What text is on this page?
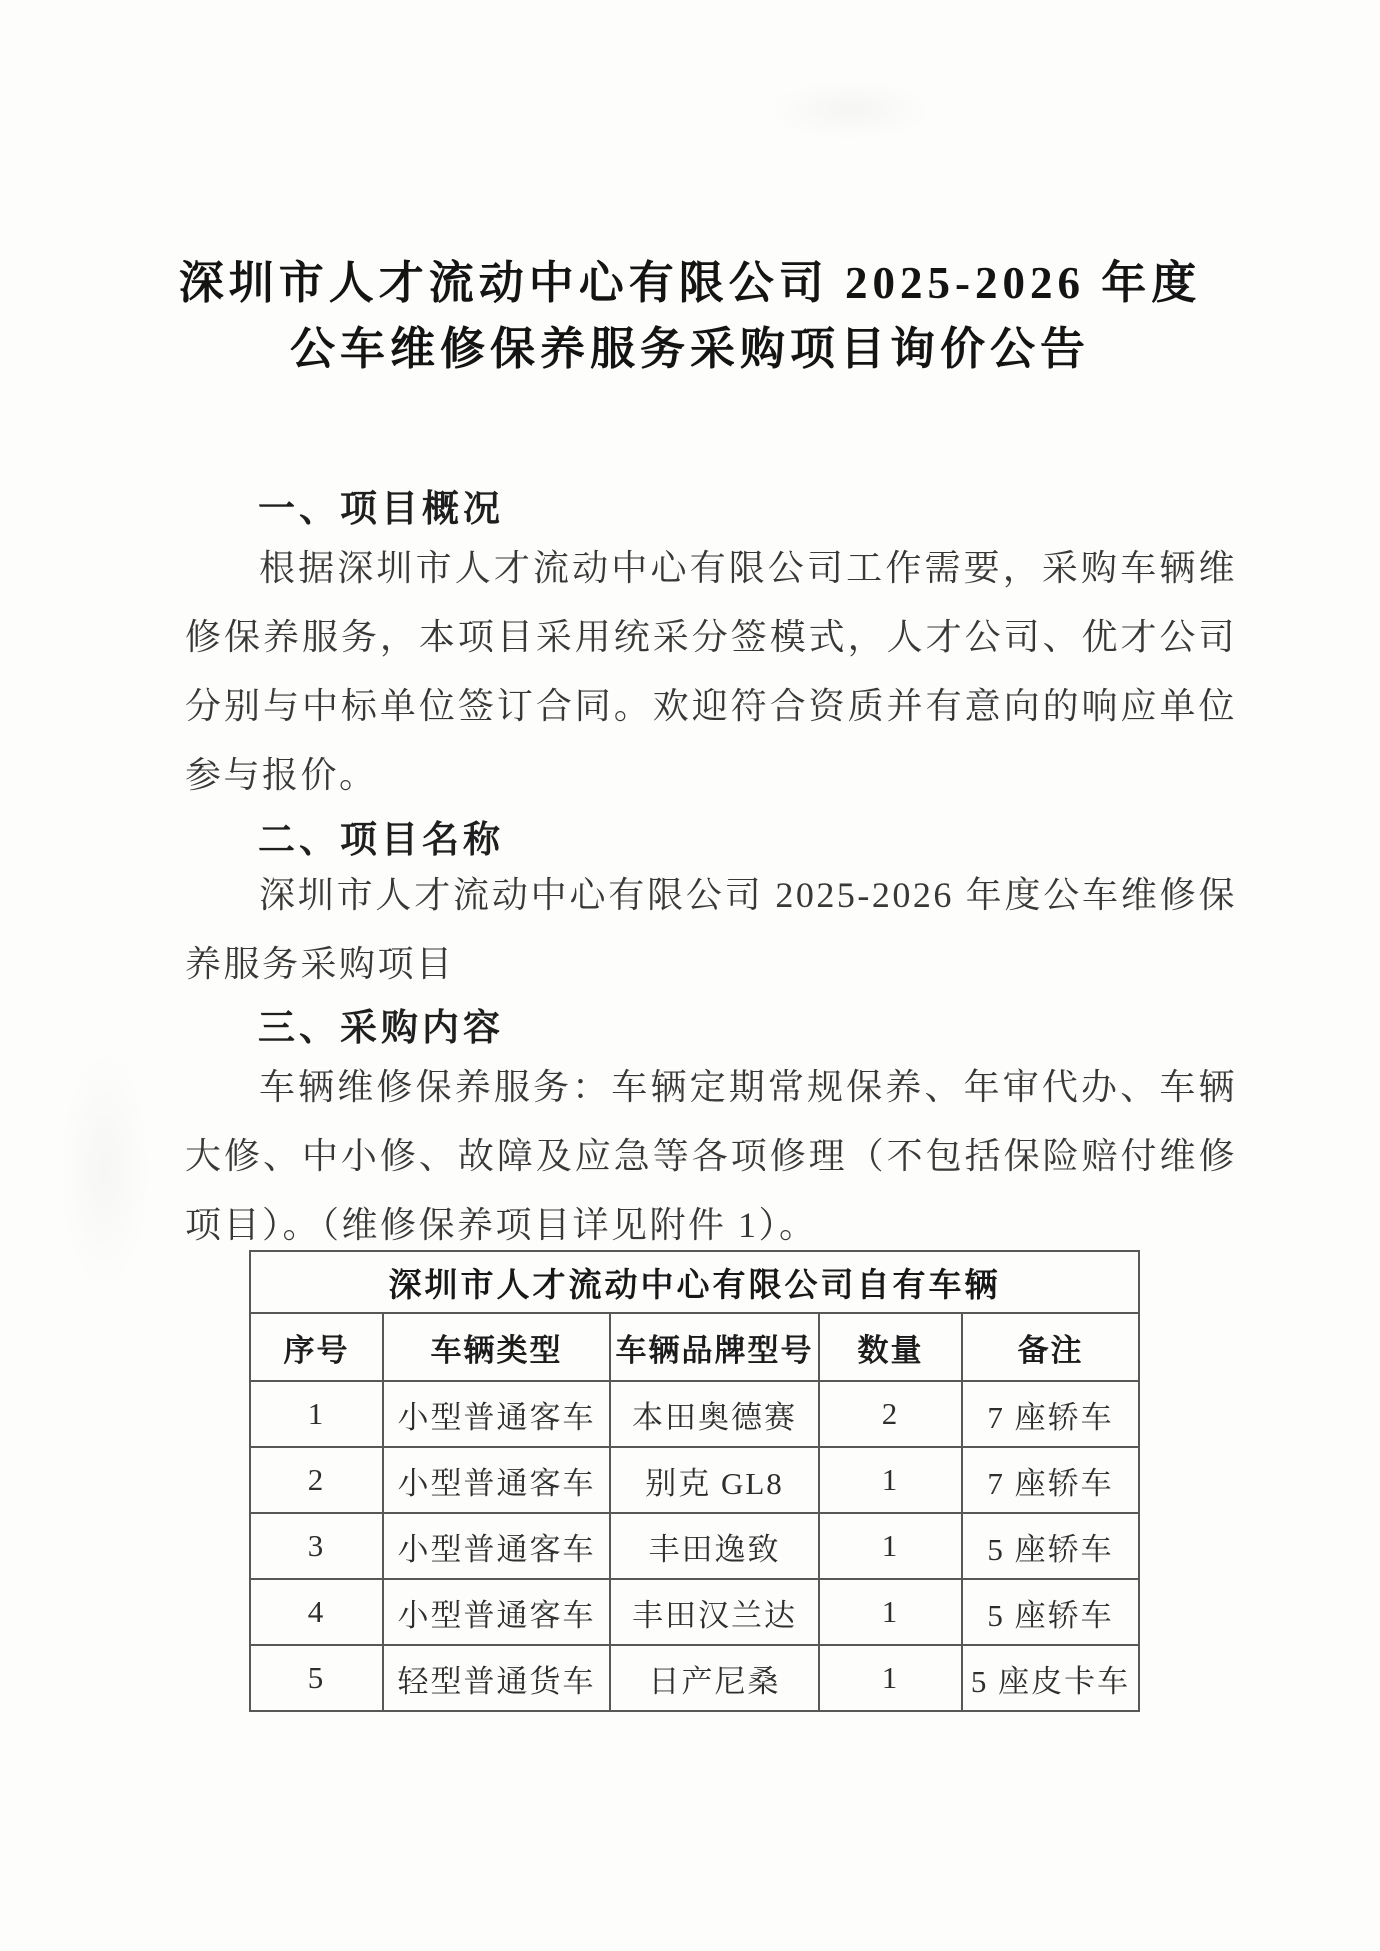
深圳市人才流动中心有限公司 2025-2026 年度
公车维修保养服务采购项目询价公告
一、项目概况
根据深圳市人才流动中心有限公司工作需要，采购车辆维修保养服务，本项目采用统采分签模式，人才公司、优才公司分别与中标单位签订合同。欢迎符合资质并有意向的响应单位参与报价。
二、项目名称
深圳市人才流动中心有限公司 2025-2026 年度公车维修保养服务采购项目
三、采购内容
车辆维修保养服务：车辆定期常规保养、年审代办、车辆大修、中小修、故障及应急等各项修理（不包括保险赔付维修项目）。（维修保养项目详见附件 1）。
深圳市人才流动中心有限公司自有车辆				
序号	车辆类型	车辆品牌型号	数量	备注
1	小型普通客车	本田奥德赛	2	7 座轿车
2	小型普通客车	别克 GL8	1	7 座轿车
3	小型普通客车	丰田逸致	1	5 座轿车
4	小型普通客车	丰田汉兰达	1	5 座轿车
5	轻型普通货车	日产尼桑	1	5 座皮卡车
